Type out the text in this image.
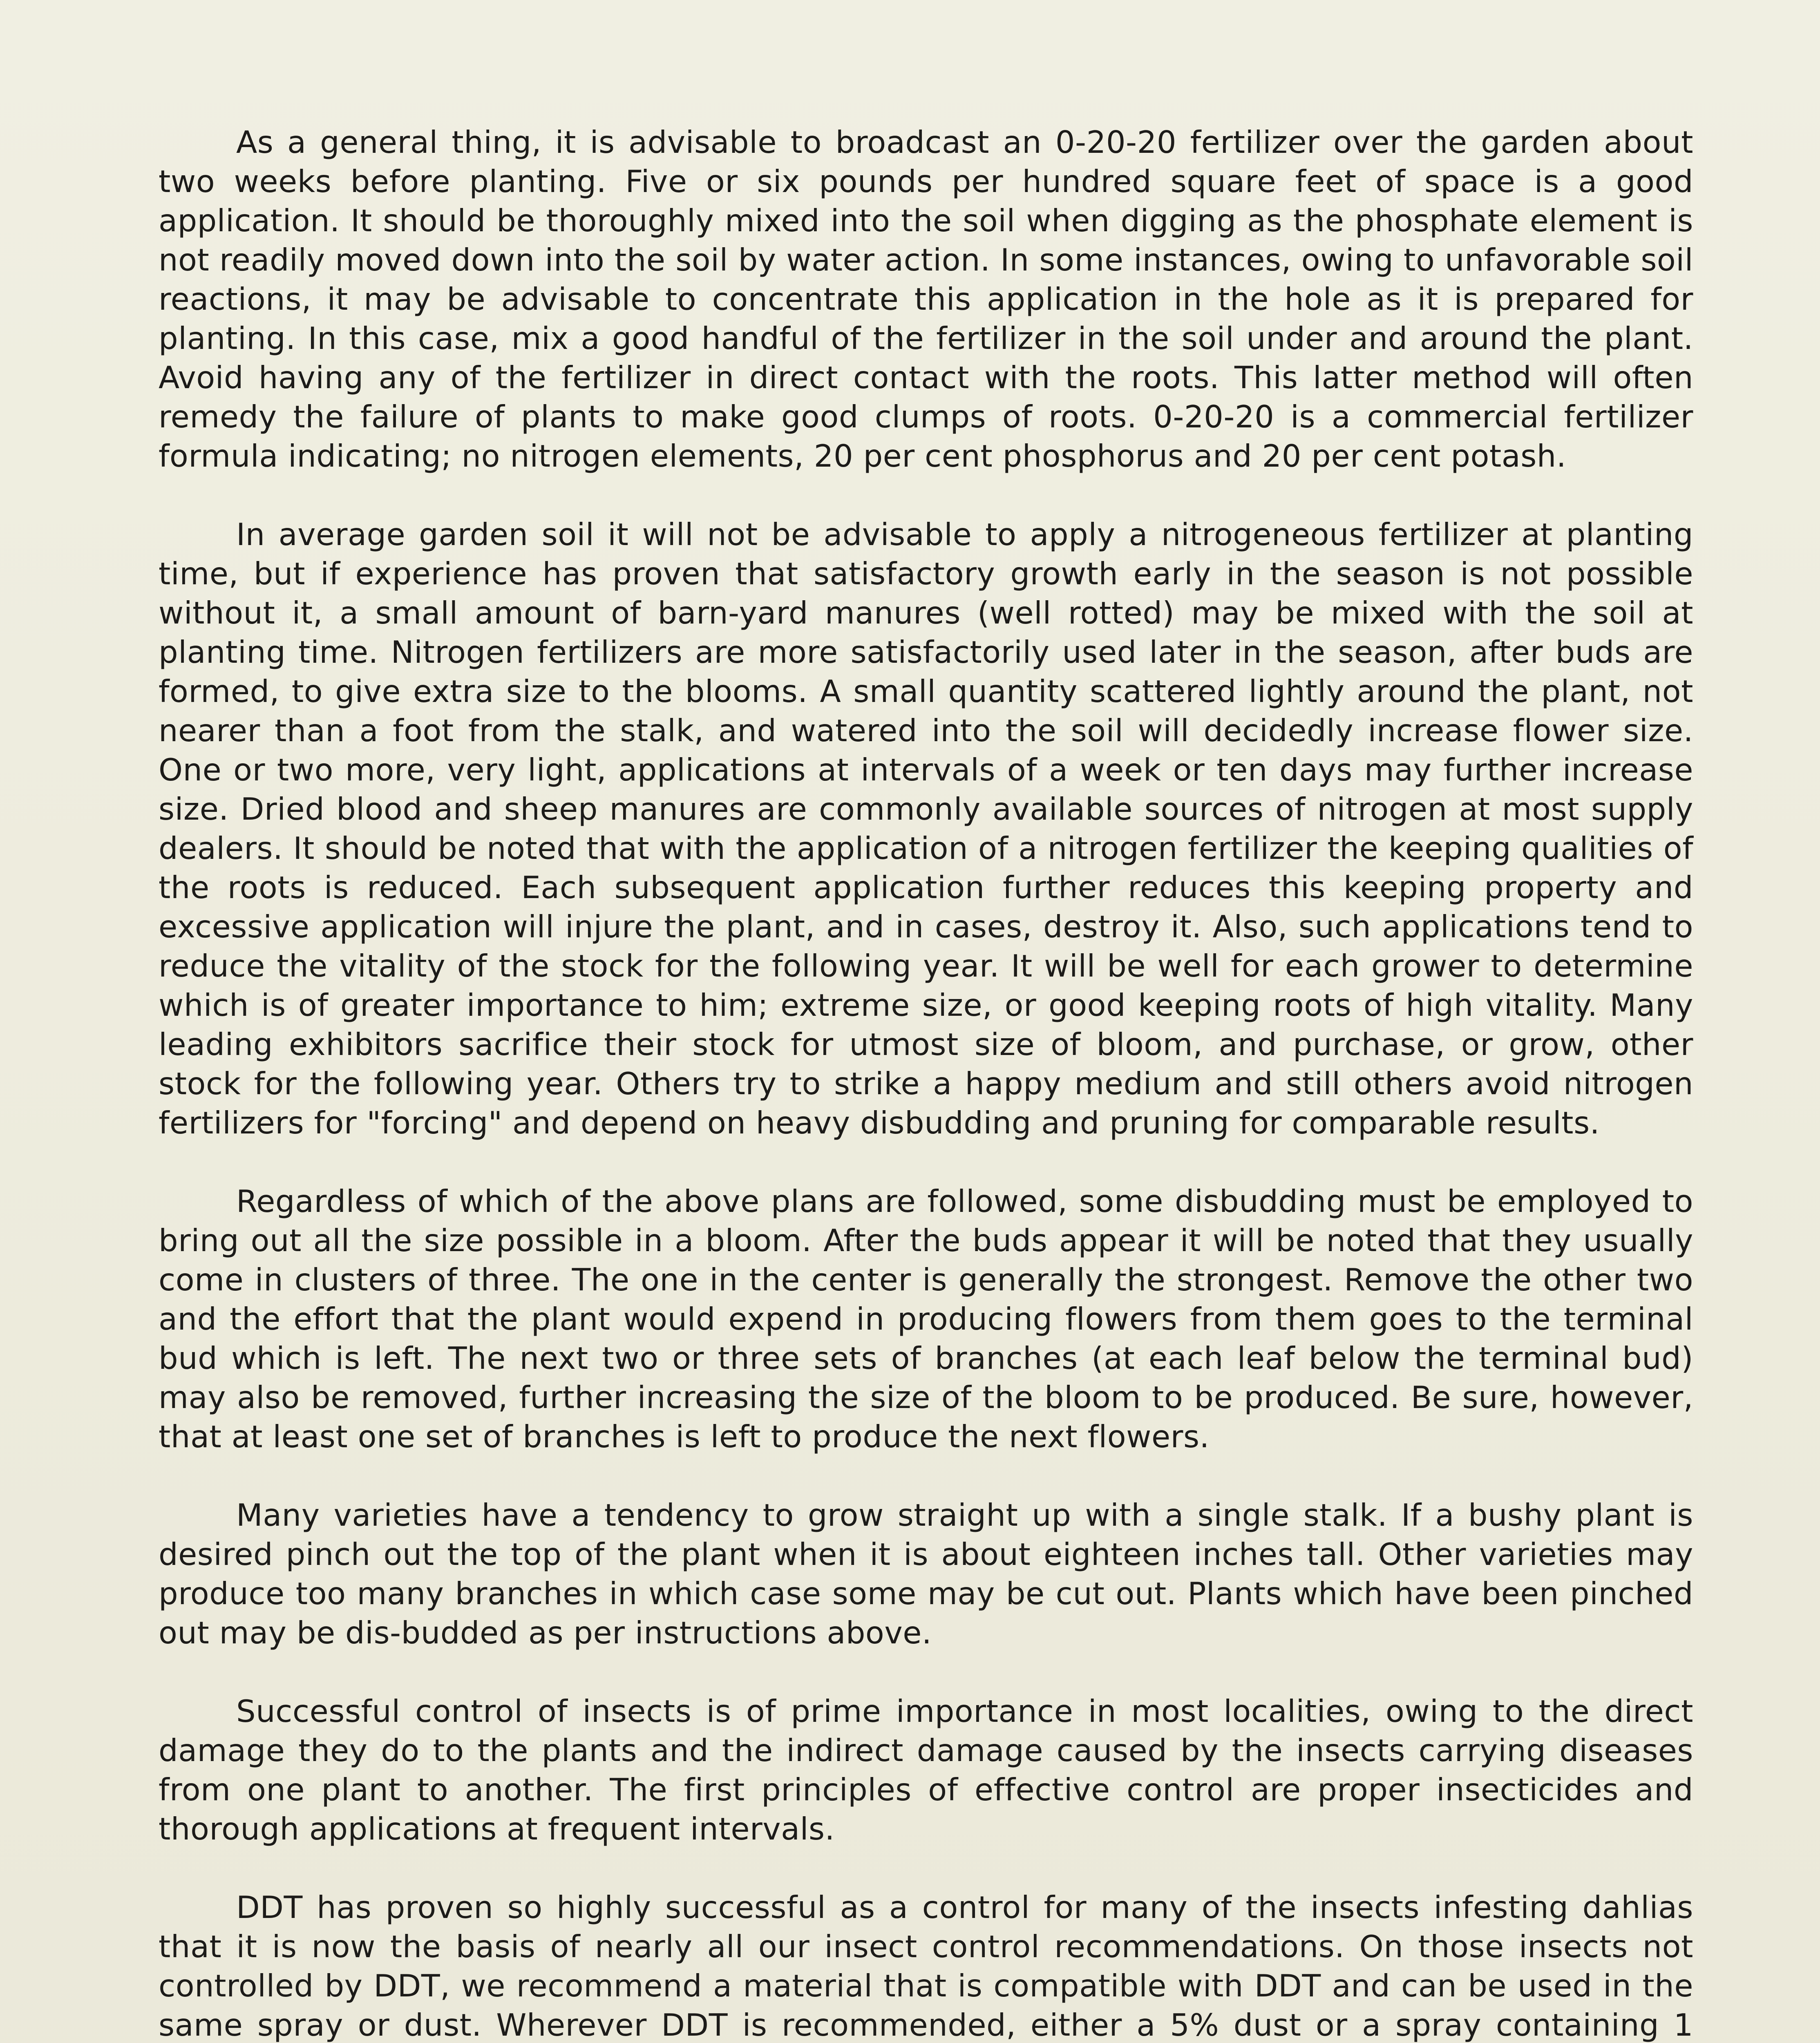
As a general thing, it is advisable to broadcast an 0-20-20 fertilizer over the garden about two weeks before planting. Five or six pounds per hundred square feet of space is a good application. It should be thoroughly mixed into the soil when digging as the phosphate element is not readily moved down into the soil by water action. In some instances, owing to unfavorable soil reactions, it may be advisable to concentrate this application in the hole as it is prepared for planting. In this case, mix a good handful of the fertilizer in the soil under and around the plant. Avoid having any of the fertilizer in direct contact with the roots. This latter method will often remedy the failure of plants to make good clumps of roots. 0-20-20 is a commercial fertilizer formula indicating; no nitrogen elements, 20 per cent phosphorus and 20 per cent potash.

In average garden soil it will not be advisable to apply a nitrogeneous fertilizer at planting time, but if experience has proven that satisfactory growth early in the season is not possible without it, a small amount of barn-yard manures (well rotted) may be mixed with the soil at planting time. Nitrogen fertilizers are more satisfactorily used later in the season, after buds are formed, to give extra size to the blooms. A small quantity scattered lightly around the plant, not nearer than a foot from the stalk, and watered into the soil will decidedly increase flower size. One or two more, very light, applications at intervals of a week or ten days may further increase size. Dried blood and sheep manures are commonly available sources of nitrogen at most supply dealers. It should be noted that with the application of a nitrogen fertilizer the keeping qualities of the roots is reduced. Each subsequent application further reduces this keeping property and excessive application will injure the plant, and in cases, destroy it. Also, such applications tend to reduce the vitality of the stock for the following year. It will be well for each grower to determine which is of greater importance to him; extreme size, or good keeping roots of high vitality. Many leading exhibitors sacrifice their stock for utmost size of bloom, and purchase, or grow, other stock for the following year. Others try to strike a happy medium and still others avoid nitrogen fertilizers for "forcing" and depend on heavy disbudding and pruning for comparable results.

Regardless of which of the above plans are followed, some disbudding must be employed to bring out all the size possible in a bloom. After the buds appear it will be noted that they usually come in clusters of three. The one in the center is generally the strongest. Remove the other two and the effort that the plant would expend in producing flowers from them goes to the terminal bud which is left. The next two or three sets of branches (at each leaf below the terminal bud) may also be removed, further increasing the size of the bloom to be produced. Be sure, however, that at least one set of branches is left to produce the next flowers.

Many varieties have a tendency to grow straight up with a single stalk. If a bushy plant is desired pinch out the top of the plant when it is about eighteen inches tall. Other varieties may produce too many branches in which case some may be cut out. Plants which have been pinched out may be dis-budded as per instructions above.

Successful control of insects is of prime importance in most localities, owing to the direct damage they do to the plants and the indirect damage caused by the insects carrying diseases from one plant to another. The first principles of effective control are proper insecticides and thorough applications at frequent intervals.

DDT has proven so highly successful as a control for many of the insects infesting dahlias that it is now the basis of nearly all our insect control recommendations. On those insects not controlled by DDT, we recommend a material that is compatible with DDT and can be used in the same spray or dust. Wherever DDT is recommended, either a 5% dust or a spray containing 1
